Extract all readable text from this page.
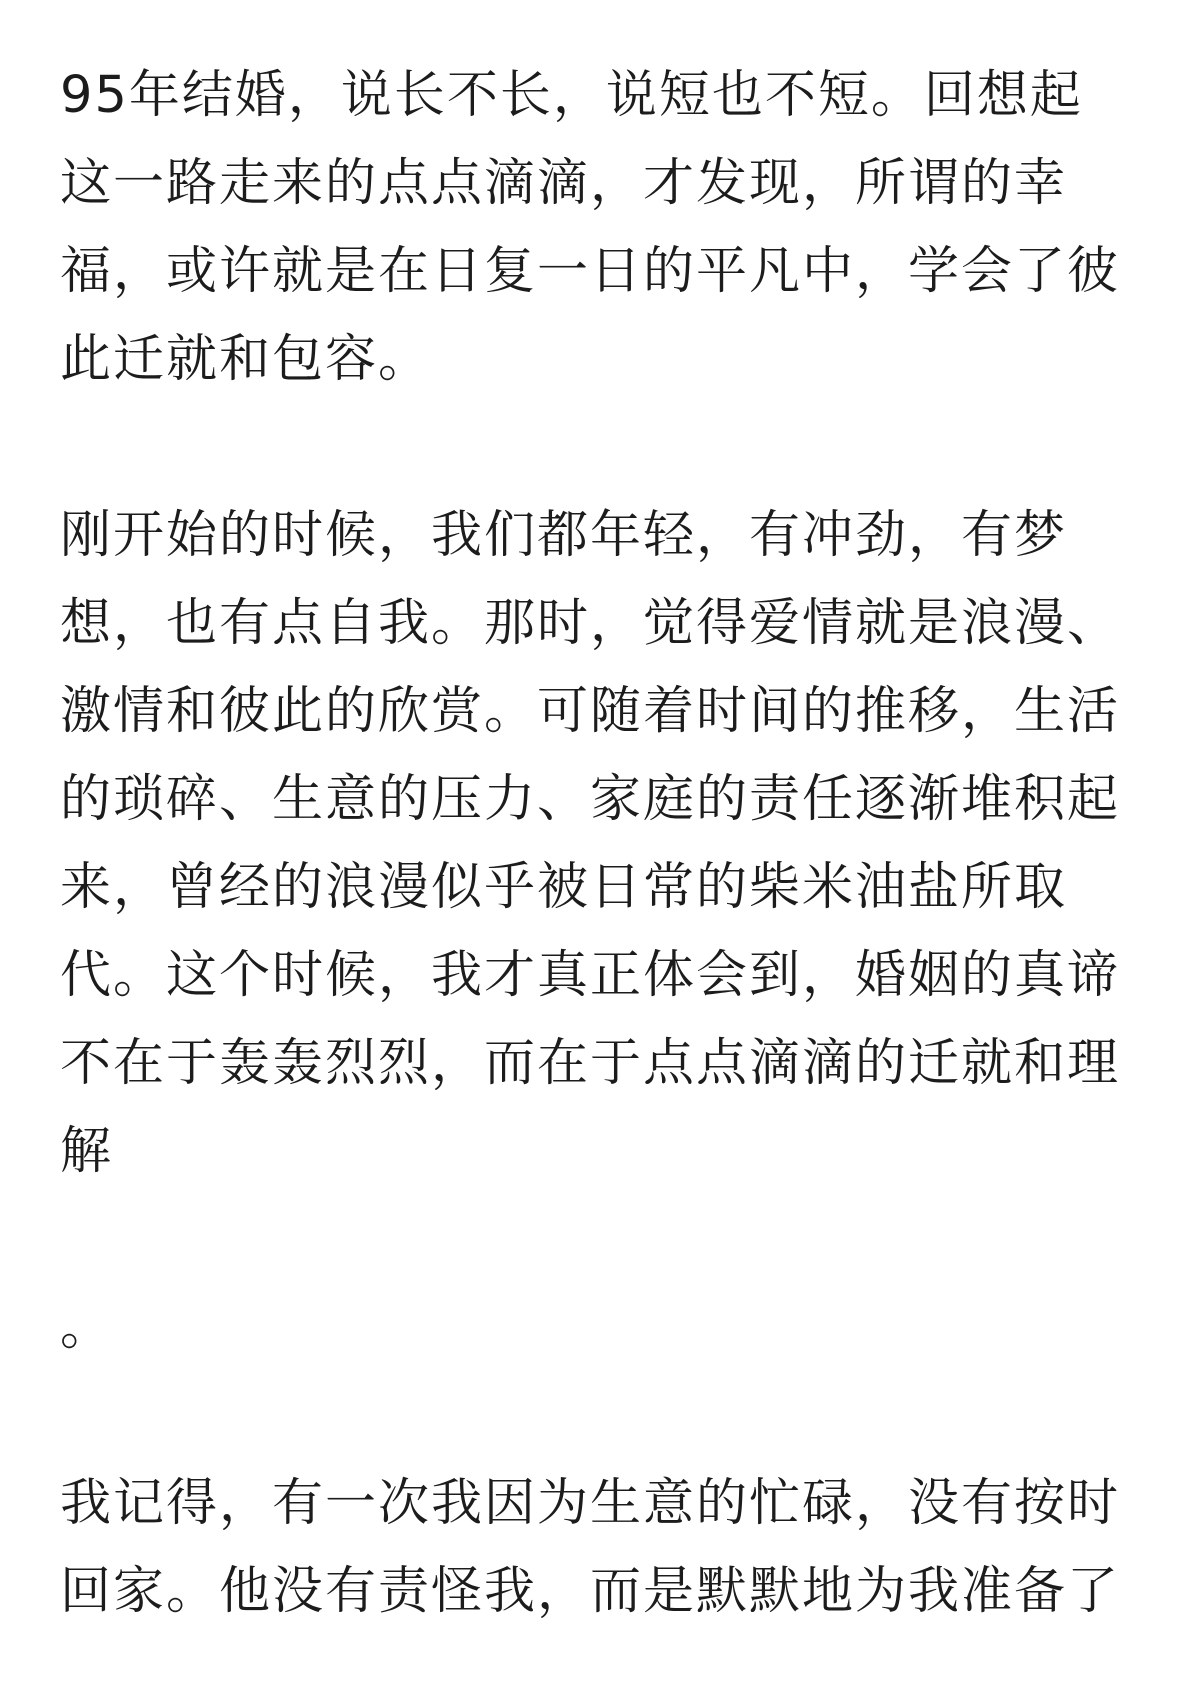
95年结婚，说长不长，说短也不短。回想起这一路走来的点点滴滴，才发现，所谓的幸福，或许就是在日复一日的平凡中，学会了彼此迁就和包容。

刚开始的时候，我们都年轻，有冲劲，有梦想，也有点自我。那时，觉得爱情就是浪漫、激情和彼此的欣赏。可随着时间的推移，生活的琐碎、生意的压力、家庭的责任逐渐堆积起来，曾经的浪漫似乎被日常的柴米油盐所取代。这个时候，我才真正体会到，婚姻的真谛不在于轰轰烈烈，而在于点点滴滴的迁就和理解

。

我记得，有一次我因为生意的忙碌，没有按时回家。他没有责怪我，而是默默地为我准备了
